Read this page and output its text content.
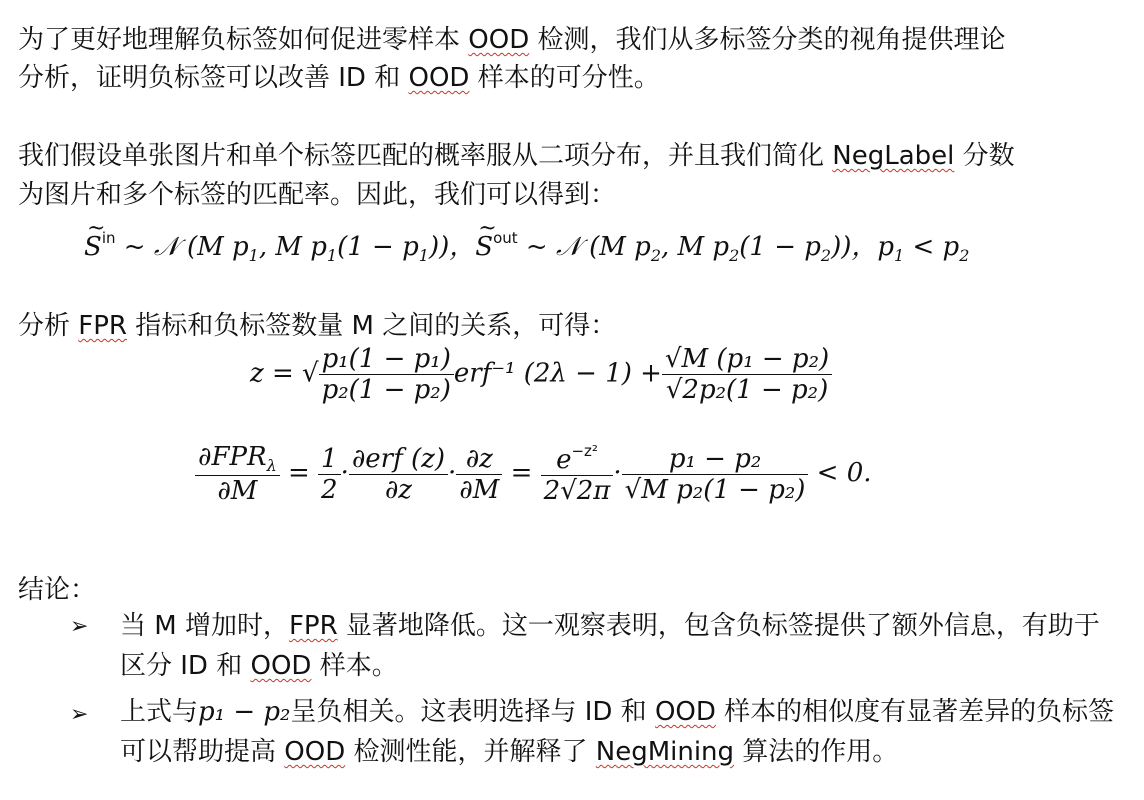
为了更好地理解负标签如何促进零样本 OOD 检测，我们从多标签分类的视角提供理论

分析，证明负标签可以改善 ID 和 OOD 样本的可分性。

我们假设单张图片和单个标签匹配的概率服从二项分布，并且我们简化 NegLabel 分数

为图片和多个标签的匹配率。因此，我们可以得到：

~ $S^{in}$ ~ 𝒩 (M $p_1$, M $p_1(1 - p_1)$)，~ $S^{out}$ ~ 𝒩 (M $p_2$, M $p_2(1 - p_2)$)，$p_1 < p_2$

分析 FPR 指标和负标签数量 M 之间的关系，可得：

z = √ $\frac{\text{p₁(1 − p₁)}}{\text{p₂(1 − p₂)}} erf^{-1}$ $(2\lambda - 1) + \frac{\text{√M (p₁ − p₂)}}{\text{√2p₂(1 − p₂)}}$
$\frac{\partial FPR_\lambda}{\partial M} = \frac{1}{2} \cdot \frac{\text{∂erf (z)}}{\partial z} \cdot \frac{\partial z}{\partial M} = \frac{e^{-z^2}}{2√2\pi} \cdot \frac{\text{p₁ − p₂}}{\text{√M p₂(1 − p₂)}} < 0$.

结论：

➢ 当 M 增加时，FPR 显著地降低。这一观察表明，包含负标签提供了额外信息，有助于

区分 ID 和 OOD 样本。

➢ 上式与p₁ − p₂呈负相关。这表明选择与 ID 和 OOD 样本的相似度有显著差异的负标签

可以帮助提高 OOD 检测性能，并解释了 NegMining 算法的作用。
